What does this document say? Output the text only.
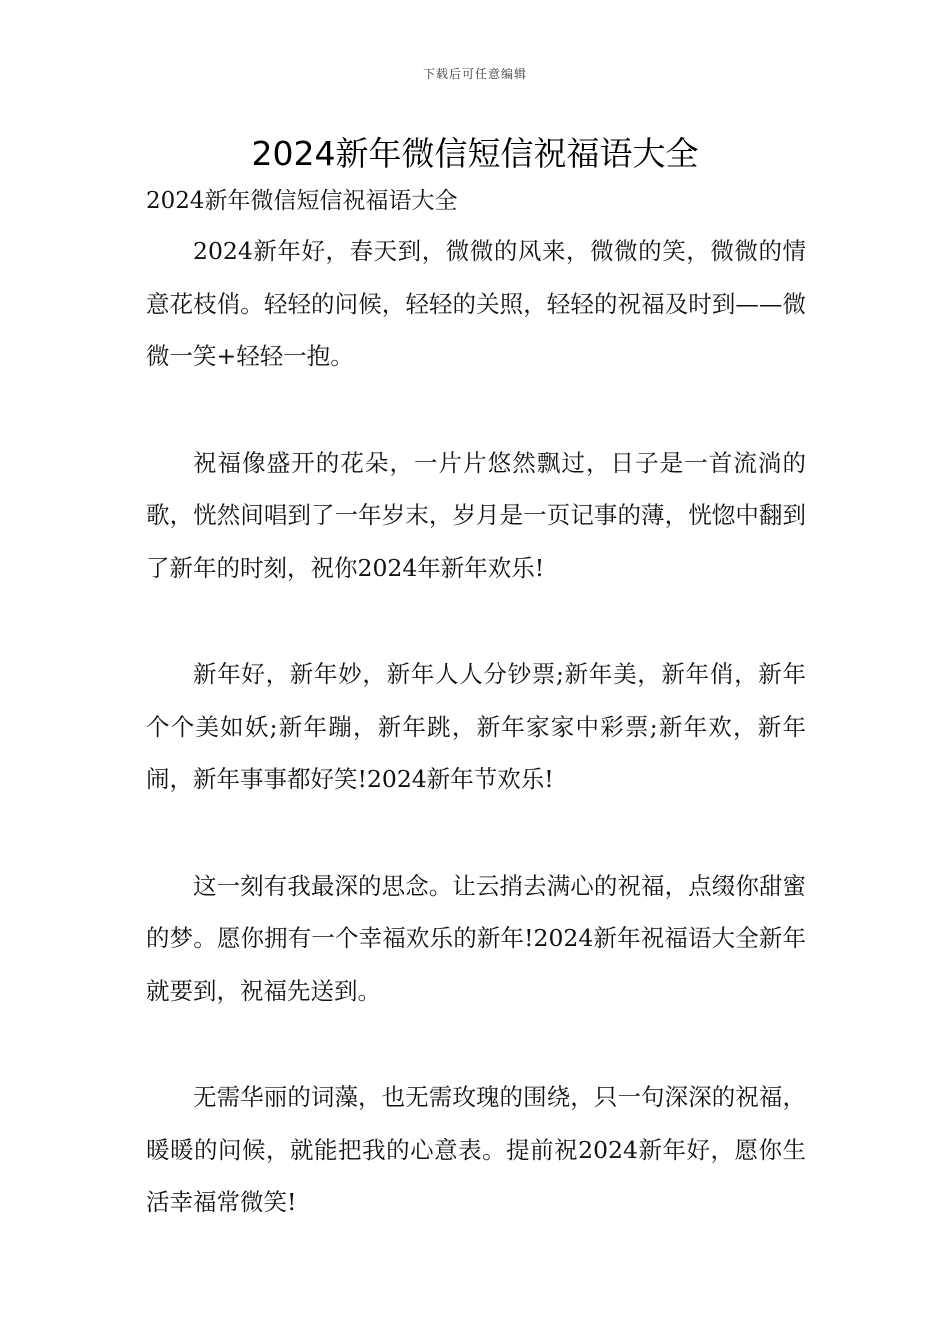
下载后可任意编辑
2024新年微信短信祝福语大全

2024新年微信短信祝福语大全

2024新年好，春天到，微微的风来，微微的笑，微微的情意花枝俏。轻轻的问候，轻轻的关照，轻轻的祝福及时到——微微一笑+轻轻一抱。

祝福像盛开的花朵，一片片悠然飘过，日子是一首流淌的歌，恍然间唱到了一年岁末，岁月是一页记事的薄，恍惚中翻到了新年的时刻，祝你2024年新年欢乐!

新年好，新年妙，新年人人分钞票;新年美，新年俏，新年个个美如妖;新年蹦，新年跳，新年家家中彩票;新年欢，新年闹，新年事事都好笑!2024新年节欢乐!

这一刻有我最深的思念。让云捎去满心的祝福，点缀你甜蜜的梦。愿你拥有一个幸福欢乐的新年!2024新年祝福语大全新年就要到，祝福先送到。

无需华丽的词藻，也无需玫瑰的围绕，只一句深深的祝福，暖暖的问候，就能把我的心意表。提前祝2024新年好，愿你生活幸福常微笑!
